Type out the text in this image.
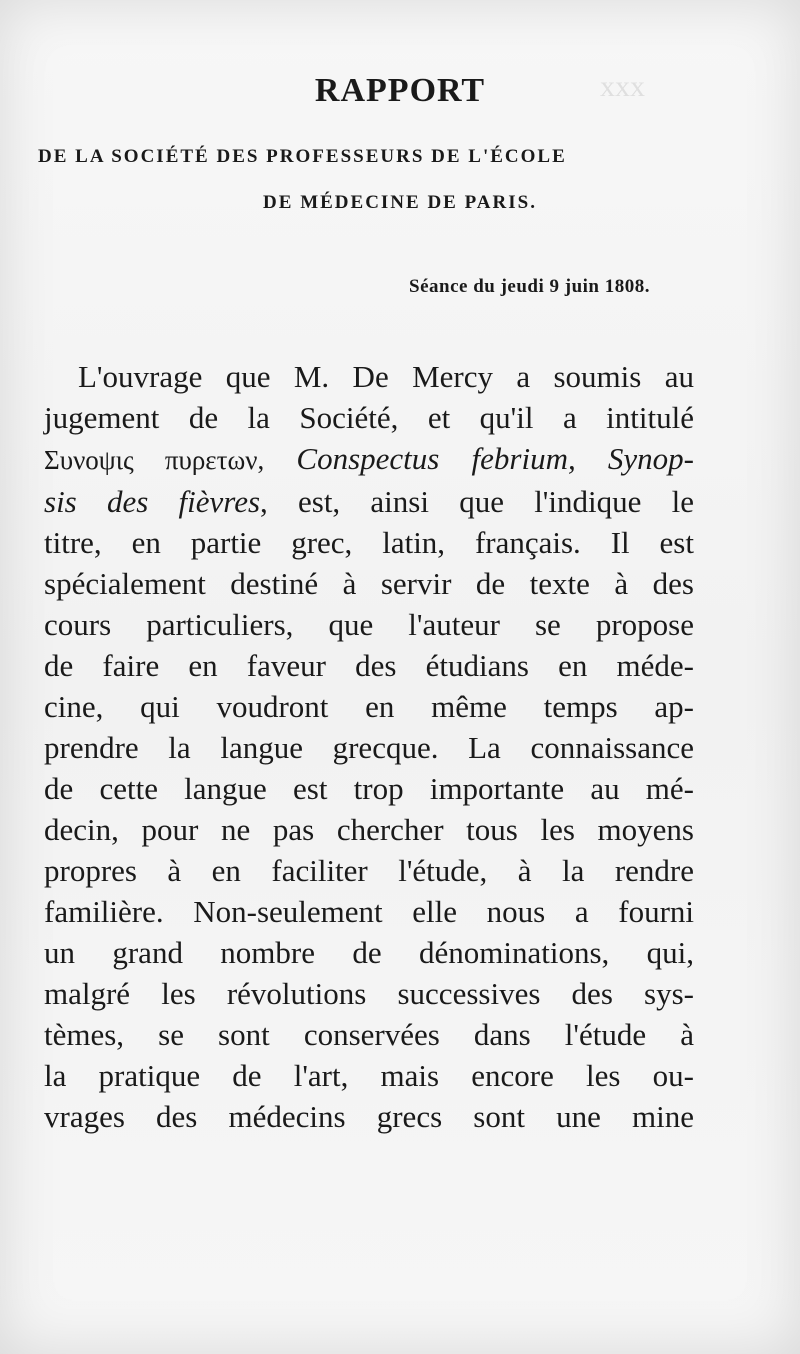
xxx
RAPPORT
DE LA SOCIÉTÉ DES PROFESSEURS DE L'ÉCOLE
DE MÉDECINE DE PARIS.
Séance du jeudi 9 juin 1808.
L'ouvrage que M. De Mercy a soumis au
jugement de la Société, et qu'il a intitulé
Συνοψις πυρετων, Conspectus febrium, Synop-
sis des fièvres, est, ainsi que l'indique le
titre, en partie grec, latin, français. Il est
spécialement destiné à servir de texte à des
cours particuliers, que l'auteur se propose
de faire en faveur des étudians en méde-
cine, qui voudront en même temps ap-
prendre la langue grecque. La connaissance
de cette langue est trop importante au mé-
decin, pour ne pas chercher tous les moyens
propres à en faciliter l'étude, à la rendre
familière. Non-seulement elle nous a fourni
un grand nombre de dénominations, qui,
malgré les révolutions successives des sys-
tèmes, se sont conservées dans l'étude à
la pratique de l'art, mais encore les ou-
vrages des médecins grecs sont une mine
